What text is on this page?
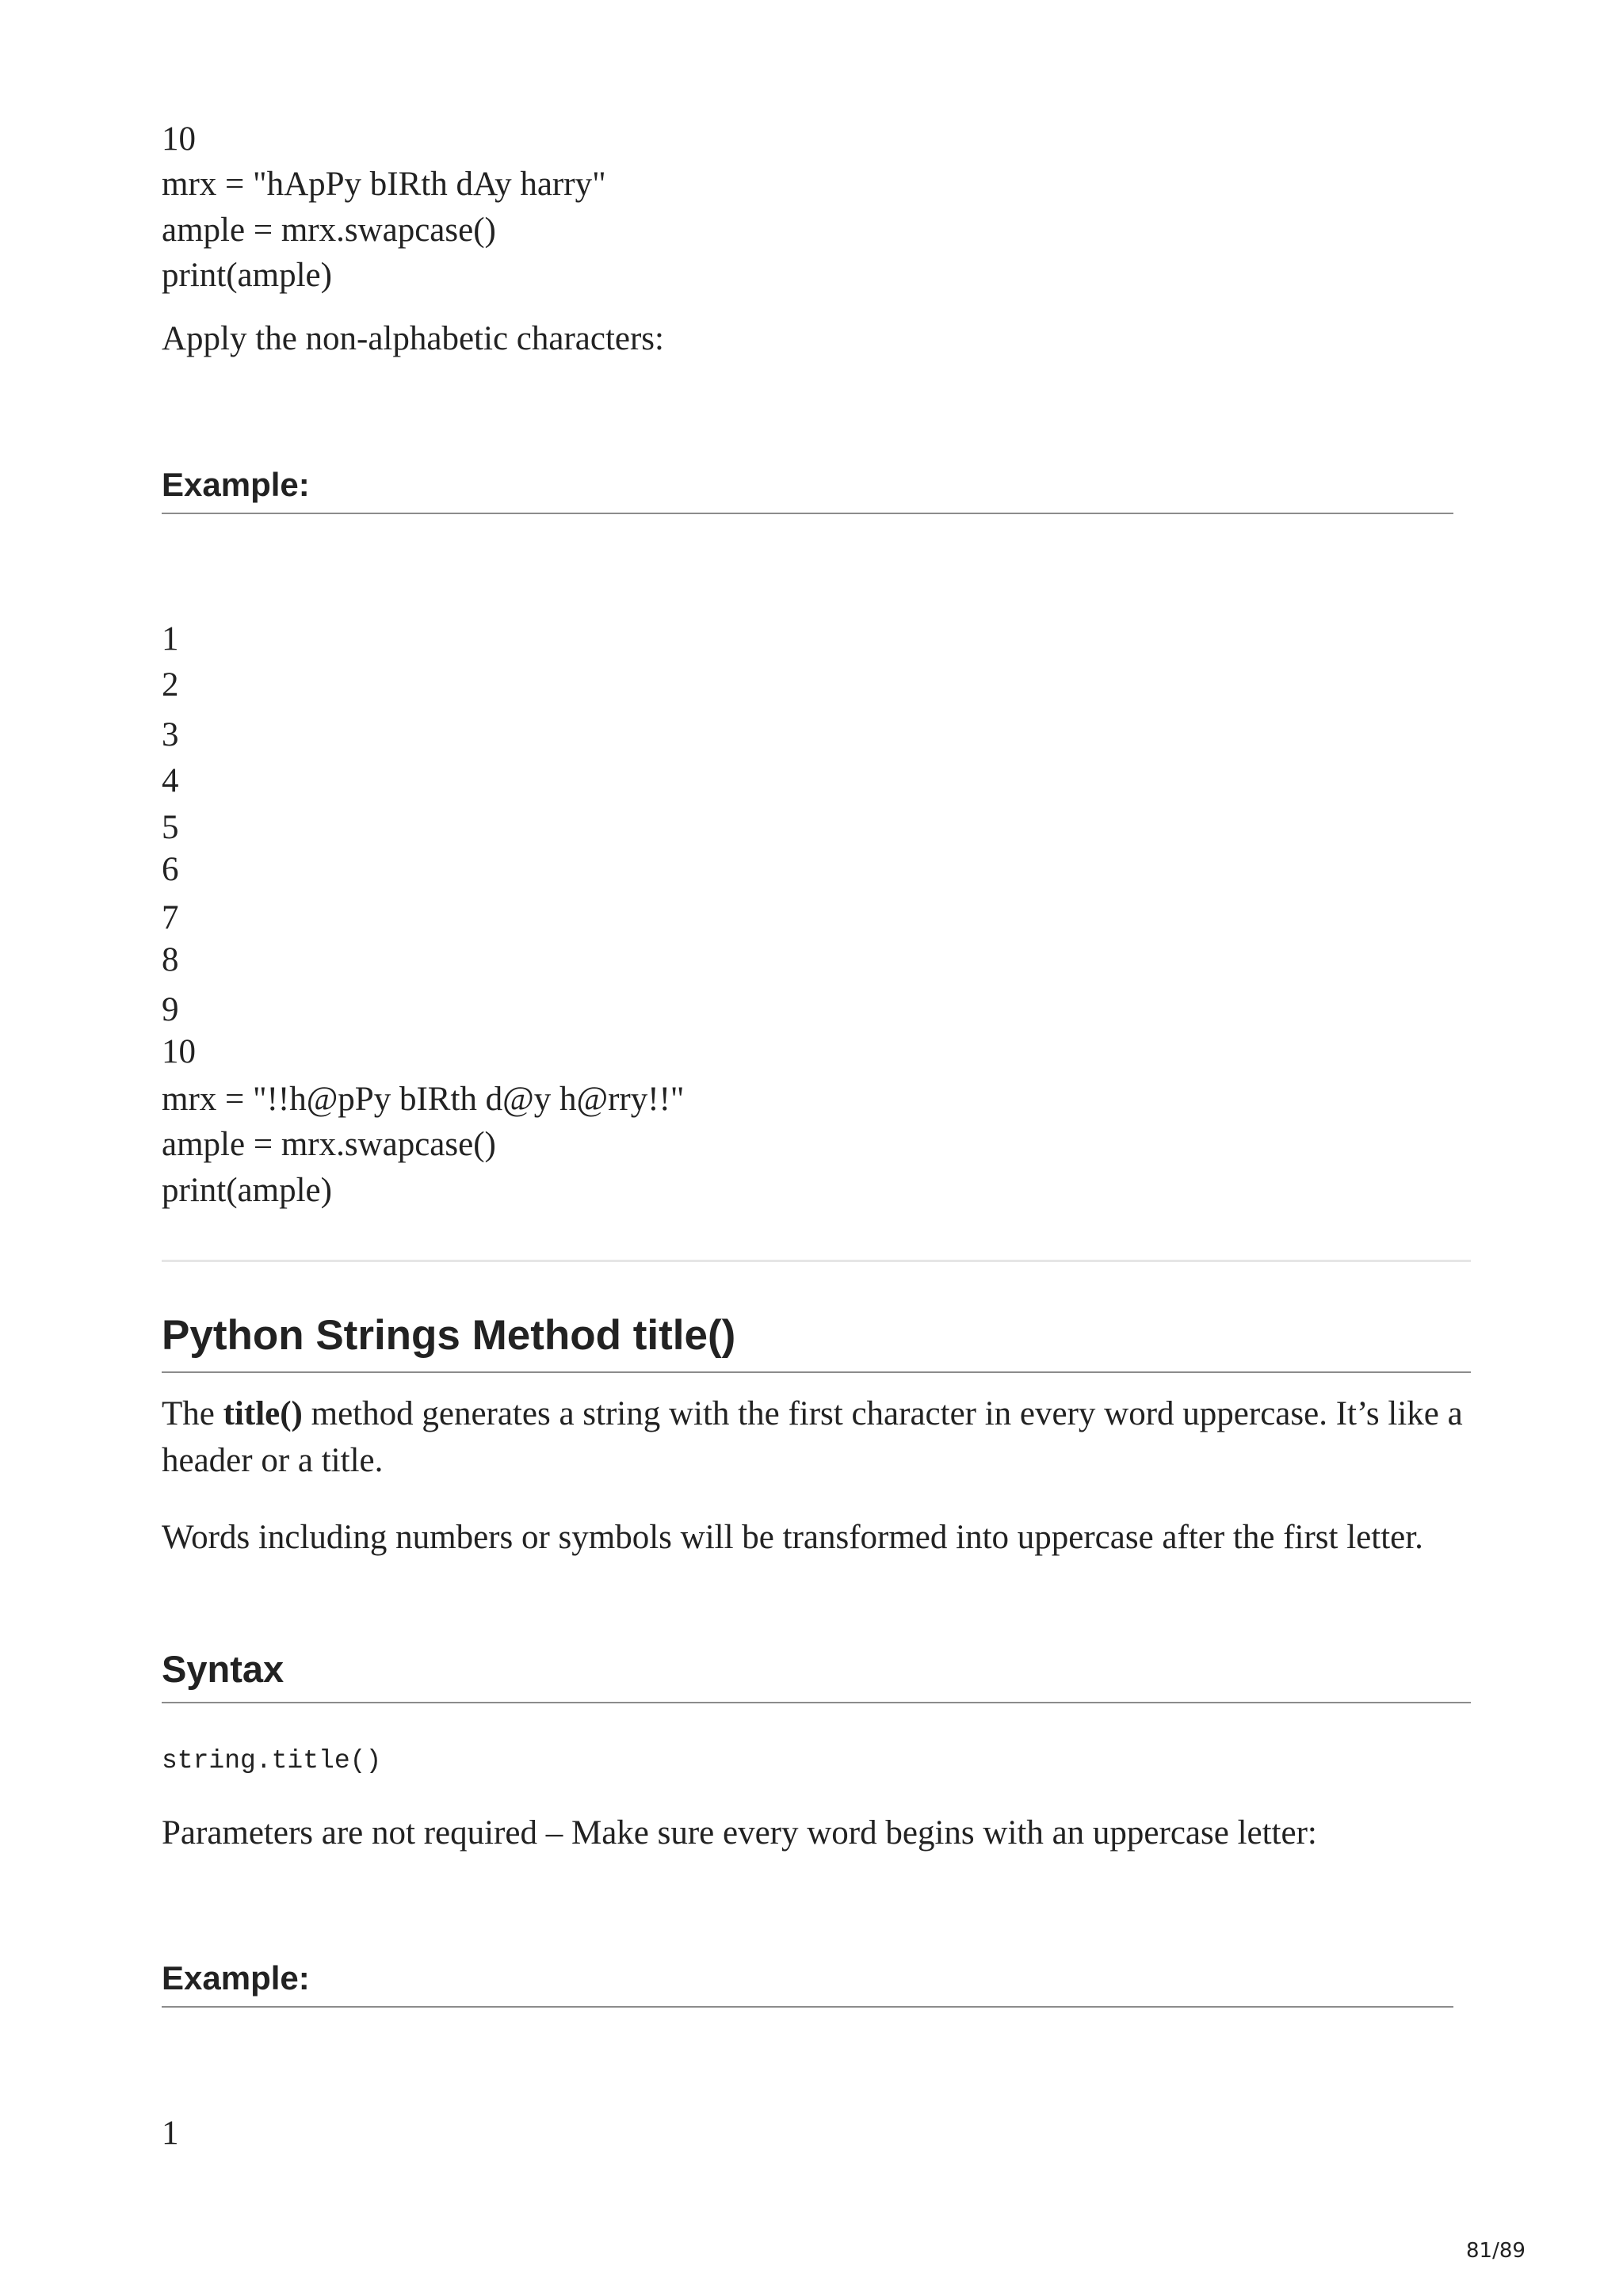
10
mrx = "hApPy bIRth dAy harry"
ample = mrx.swapcase()
print(ample)
Apply the non-alphabetic characters:
Example:
1
2
3
4
5
6
7
8
9
10
mrx = "!!h@pPy bIRth d@y h@rry!!"
ample = mrx.swapcase()
print(ample)
Python Strings Method title()
The title() method generates a string with the first character in every word uppercase. It’s like a header or a title.
Words including numbers or symbols will be transformed into uppercase after the first letter.
Syntax
string.title()
Parameters are not required – Make sure every word begins with an uppercase letter:
Example:
1
81/89
